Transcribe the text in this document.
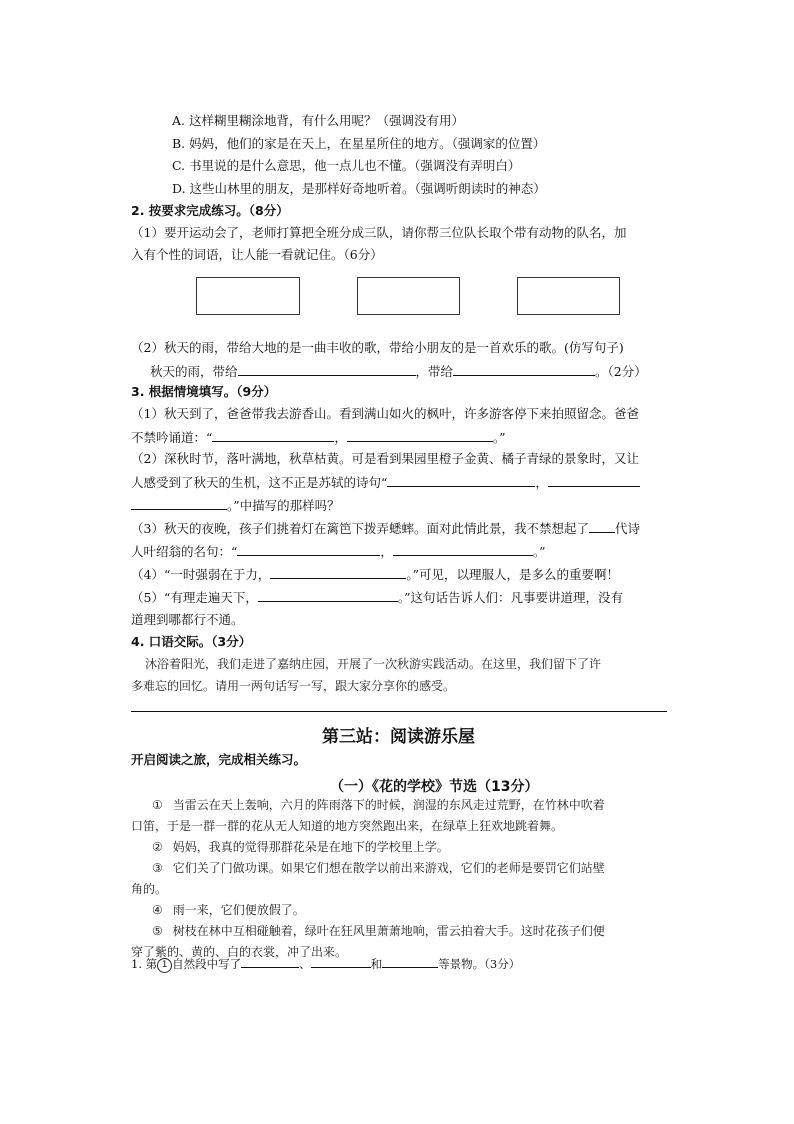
A. 这样糊里糊涂地背，有什么用呢？（强调没有用）
B. 妈妈，他们的家是在天上，在星星所住的地方。（强调家的位置）
C. 书里说的是什么意思，他一点儿也不懂。（强调没有弄明白）
D. 这些山林里的朋友，是那样好奇地听着。（强调听朗读时的神态）
2. 按要求完成练习。（8分）
（1）要开运动会了，老师打算把全班分成三队，请你帮三位队长取个带有动物的队名，加
入有个性的词语，让人能一看就记住。（6分）
（2）秋天的雨，带给大地的是一曲丰收的歌，带给小朋友的是一首欢乐的歌。(仿写句子)
秋天的雨，带给	，带给	。（2分）
3. 根据情境填写。（9分）
（1）秋天到了，爸爸带我去游香山。看到满山如火的枫叶，许多游客停下来拍照留念。爸爸
不禁吟诵道：“	，	。”
（2）深秋时节，落叶满地，秋草枯黄。可是看到果园里橙子金黄、橘子青绿的景象时，又让
人感受到了秋天的生机，这不正是苏轼的诗句“	，
。”中描写的那样吗？
（3）秋天的夜晚，孩子们挑着灯在篱笆下拨弄蟋蟀。面对此情此景，我不禁想起了 代诗
人叶绍翁的名句：“	，	。”
（4）“一时强弱在于力，	。”可见，以理服人，是多么的重要啊！
（5）“有理走遍天下，	。”这句话告诉人们：凡事要讲道理，没有
道理到哪都行不通。
4. 口语交际。（3分）
沐浴着阳光，我们走进了嘉纳庄园，开展了一次秋游实践活动。在这里，我们留下了许
多难忘的回忆。请用一两句话写一写，跟大家分享你的感受。
第三站：阅读游乐屋
开启阅读之旅，完成相关练习。
（一）《花的学校》节选（13分）
① 当雷云在天上轰响，六月的阵雨落下的时候，润湿的东风走过荒野，在竹林中吹着
口笛，于是一群一群的花从无人知道的地方突然跑出来，在绿草上狂欢地跳着舞。
② 妈妈，我真的觉得那群花朵是在地下的学校里上学。
③ 它们关了门做功课。如果它们想在散学以前出来游戏，它们的老师是要罚它们站壁
角的。
④ 雨一来，它们便放假了。
⑤ 树枝在林中互相碰触着，绿叶在狂风里萧萧地响，雷云拍着大手。这时花孩子们便
穿了紫的、黄的、白的衣裳，冲了出来。
1. 第 1 自然段中写了	、	和	等景物。（3分）
